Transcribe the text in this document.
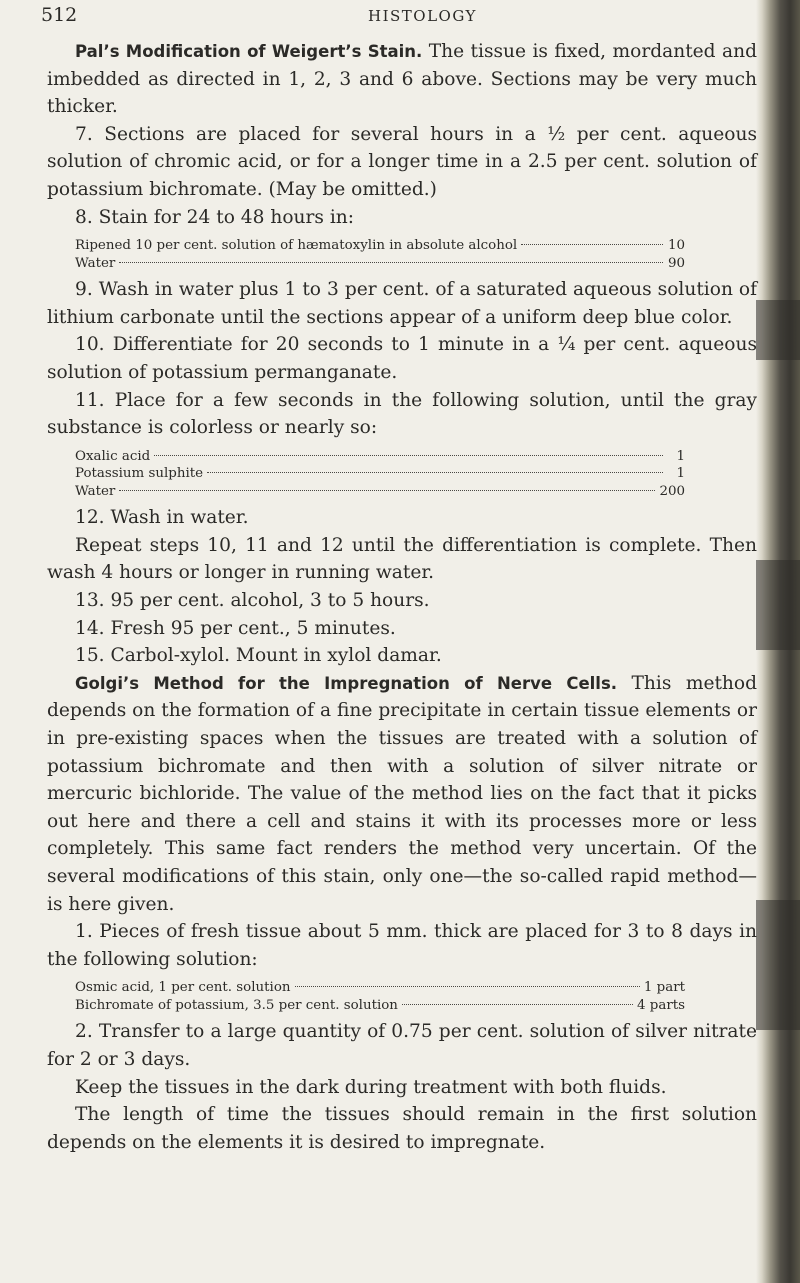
512	HISTOLOGY

Pal’s Modification of Weigert’s Stain. The tissue is fixed, mordanted and imbedded as directed in 1, 2, 3 and 6 above. Sections may be very much thicker.

7. Sections are placed for several hours in a ½ per cent. aqueous solution of chromic acid, or for a longer time in a 2.5 per cent. solution of potassium bichromate. (May be omitted.)

8. Stain for 24 to 48 hours in:

Ripened 10 per cent. solution of hæmatoxylin in absolute alcohol	10
Water	90

9. Wash in water plus 1 to 3 per cent. of a saturated aqueous solution of lithium carbonate until the sections appear of a uniform deep blue color.

10. Differentiate for 20 seconds to 1 minute in a ¼ per cent. aqueous solution of potassium permanganate.

11. Place for a few seconds in the following solution, until the gray substance is colorless or nearly so:

Oxalic acid	1
Potassium sulphite	1
Water	200

12. Wash in water.

Repeat steps 10, 11 and 12 until the differentiation is complete. Then wash 4 hours or longer in running water.

13. 95 per cent. alcohol, 3 to 5 hours.

14. Fresh 95 per cent., 5 minutes.

15. Carbol-xylol. Mount in xylol damar.

Golgi’s Method for the Impregnation of Nerve Cells. This method depends on the formation of a fine precipitate in certain tissue elements or in pre-existing spaces when the tissues are treated with a solution of potassium bichromate and then with a solution of silver nitrate or mercuric bichloride. The value of the method lies on the fact that it picks out here and there a cell and stains it with its processes more or less completely. This same fact renders the method very uncertain. Of the several modifications of this stain, only one—the so-called rapid method—is here given.

1. Pieces of fresh tissue about 5 mm. thick are placed for 3 to 8 days in the following solution:

Osmic acid, 1 per cent. solution	1 part
Bichromate of potassium, 3.5 per cent. solution	4 parts

2. Transfer to a large quantity of 0.75 per cent. solution of silver nitrate for 2 or 3 days.

Keep the tissues in the dark during treatment with both fluids.

The length of time the tissues should remain in the first solution depends on the elements it is desired to impregnate.
